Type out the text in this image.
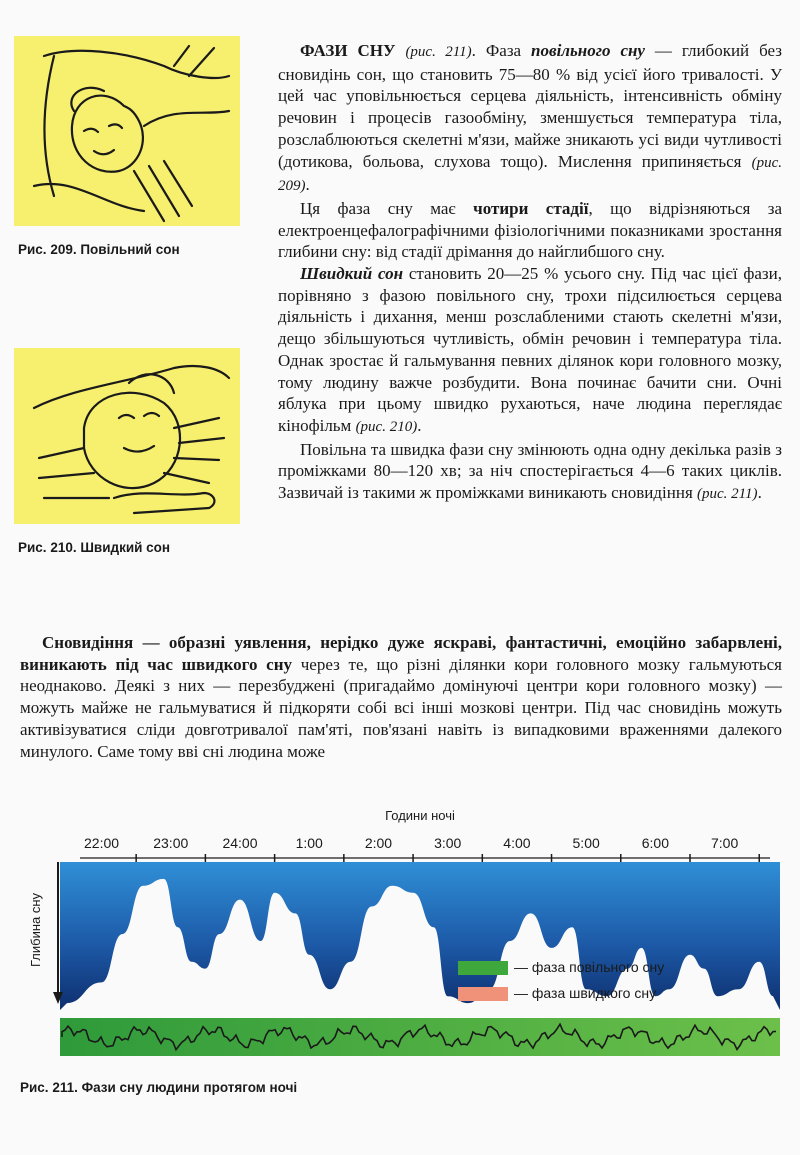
Рис. 209. Повільний сон
Рис. 210. Швидкий сон

ФАЗИ СНУ (рис. 211). Фаза повільного сну — глибокий без сновидінь сон, що становить 75—80 % від усієї його тривалості. У цей час уповільнюється серцева діяльність, інтенсивність обміну речовин і процесів газообміну, зменшується температура тіла, розслаблюються скелетні м'язи, майже зникають усі види чутливості (дотикова, больова, слухова тощо). Мислення припиняється (рис. 209).

Ця фаза сну має чотири стадії, що відрізняються за електроенцефалографічними фізіологічними показниками зростання глибини сну: від стадії дрімання до найглибшого сну.

Швидкий сон становить 20—25 % усього сну. Під час цієї фази, порівняно з фазою повільного сну, трохи підсилюється серцева діяльність і дихання, менш розслабленими стають скелетні м'язи, дещо збільшуються чутливість, обмін речовин і температура тіла. Однак зростає й гальмування певних ділянок кори головного мозку, тому людину важче розбудити. Вона починає бачити сни. Очні яблука при цьому швидко рухаються, наче людина переглядає кінофільм (рис. 210).

Повільна та швидка фази сну змінюють одна одну декілька разів з проміжками 80—120 хв; за ніч спостерігається 4—6 таких циклів. Зазвичай із такими ж проміжками виникають сновидіння (рис. 211).

Сновидіння — образні уявлення, нерідко дуже яскраві, фантастичні, емоційно забарвлені, виникають під час швидкого сну через те, що різні ділянки кори головного мозку гальмуються неоднаково. Деякі з них — перезбуджені (пригадаймо домінуючі центри кори головного мозку) — можуть майже не гальмуватися й підкоряти собі всі інші мозкові центри. Під час сновидінь можуть активізуватися сліди довготривалої пам'яті, пов'язані навіть із випадковими враженнями далекого минулого. Саме тому вві сні людина може

Години ночі
22:00 23:00 24:00	1:00	2:00	3:00	4:00	5:00	6:00	7:00
Глибина сну	— фаза повільного сну
— фаза швидкого сну
Рис. 211. Фази сну людини протягом ночі
